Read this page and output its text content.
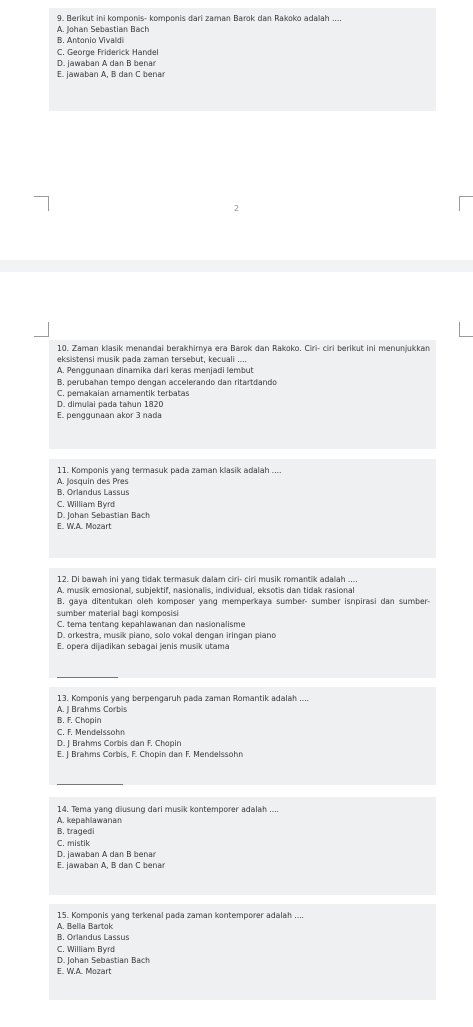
9. Berikut ini komponis- komponis dari zaman Barok dan Rakoko adalah ....

A. Johan Sebastian Bach

B. Antonio Vivaldi

C. George Friderick Handel

D. jawaban A dan B benar

E. jawaban A, B dan C benar

2

10. Zaman klasik menandai berakhirnya era Barok dan Rakoko. Ciri- ciri berikut ini menunjukkan eksistensi musik pada zaman tersebut, kecuali ....

A. Penggunaan dinamika dari keras menjadi lembut

B. perubahan tempo dengan accelerando dan ritartdando

C. pemakaian arnamentik terbatas

D. dimulai pada tahun 1820

E. penggunaan akor 3 nada

11. Komponis yang termasuk pada zaman klasik adalah ....

A. Josquin des Pres

B. Orlandus Lassus

C. William Byrd

D. Johan Sebastian Bach

E. W.A. Mozart

12. Di bawah ini yang tidak termasuk dalam ciri- ciri musik romantik adalah ....

A. musik emosional, subjektif, nasionalis, individual, eksotis dan tidak rasional

B. gaya ditentukan oleh komposer yang memperkaya sumber- sumber isnpirasi dan sumber- sumber material bagi komposisi

C. tema tentang kepahlawanan dan nasionalisme

D. orkestra, musik piano, solo vokal dengan iringan piano

E. opera dijadikan sebagai jenis musik utama

13. Komponis yang berpengaruh pada zaman Romantik adalah ....

A. J Brahms Corbis

B. F. Chopin

C. F. Mendelssohn

D. J Brahms Corbis dan F. Chopin

E. J Brahms Corbis, F. Chopin dan F. Mendelssohn

14. Tema yang diusung dari musik kontemporer adalah ....

A. kepahlawanan

B. tragedi

C. mistik

D. jawaban A dan B benar

E. jawaban A, B dan C benar

15. Komponis yang terkenal pada zaman kontemporer adalah ....

A. Bella Bartok

B. Orlandus Lassus

C. William Byrd

D. Johan Sebastian Bach

E. W.A. Mozart
